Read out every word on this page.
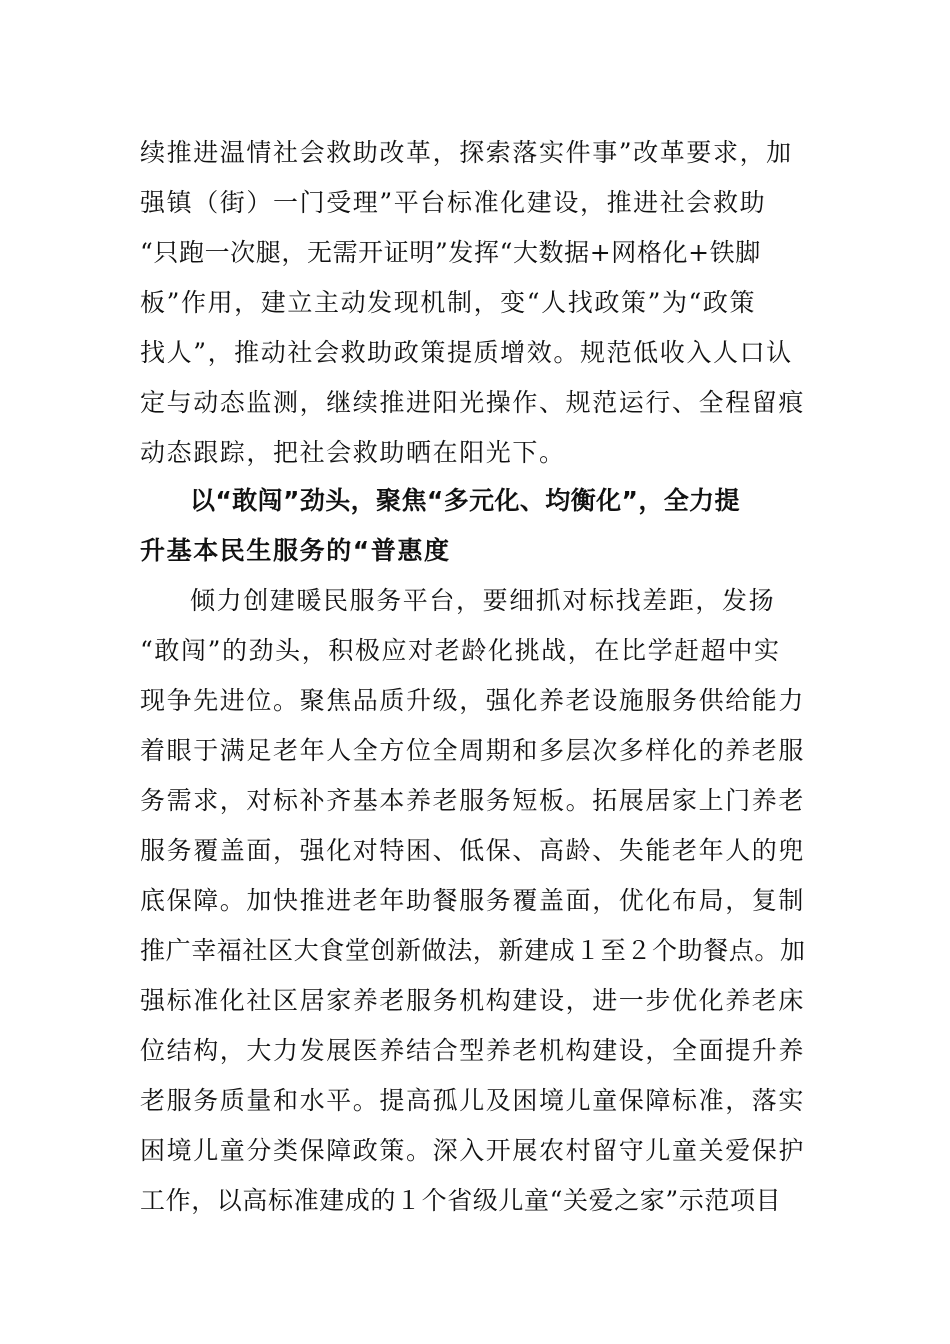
续推进温情社会救助改革，探索落实件事”改革要求，加
强镇（街）一门受理”平台标准化建设，推进社会救助
“只跑一次腿，无需开证明”发挥“大数据+网格化+铁脚
板”作用，建立主动发现机制，变“人找政策”为“政策
找人”，推动社会救助政策提质增效。规范低收入人口认
定与动态监测，继续推进阳光操作、规范运行、全程留痕
动态跟踪，把社会救助晒在阳光下。
以“敢闯”劲头，聚焦“多元化、均衡化”，全力提
升基本民生服务的“普惠度
倾力创建暖民服务平台，要细抓对标找差距，发扬
“敢闯”的劲头，积极应对老龄化挑战，在比学赶超中实
现争先进位。聚焦品质升级，强化养老设施服务供给能力
着眼于满足老年人全方位全周期和多层次多样化的养老服
务需求，对标补齐基本养老服务短板。拓展居家上门养老
服务覆盖面，强化对特困、低保、高龄、失能老年人的兜
底保障。加快推进老年助餐服务覆盖面，优化布局，复制
推广幸福社区大食堂创新做法，新建成１至２个助餐点。加
强标准化社区居家养老服务机构建设，进一步优化养老床
位结构，大力发展医养结合型养老机构建设，全面提升养
老服务质量和水平。提高孤儿及困境儿童保障标准，落实
困境儿童分类保障政策。深入开展农村留守儿童关爱保护
工作，以高标准建成的１个省级儿童“关爱之家”示范项目
